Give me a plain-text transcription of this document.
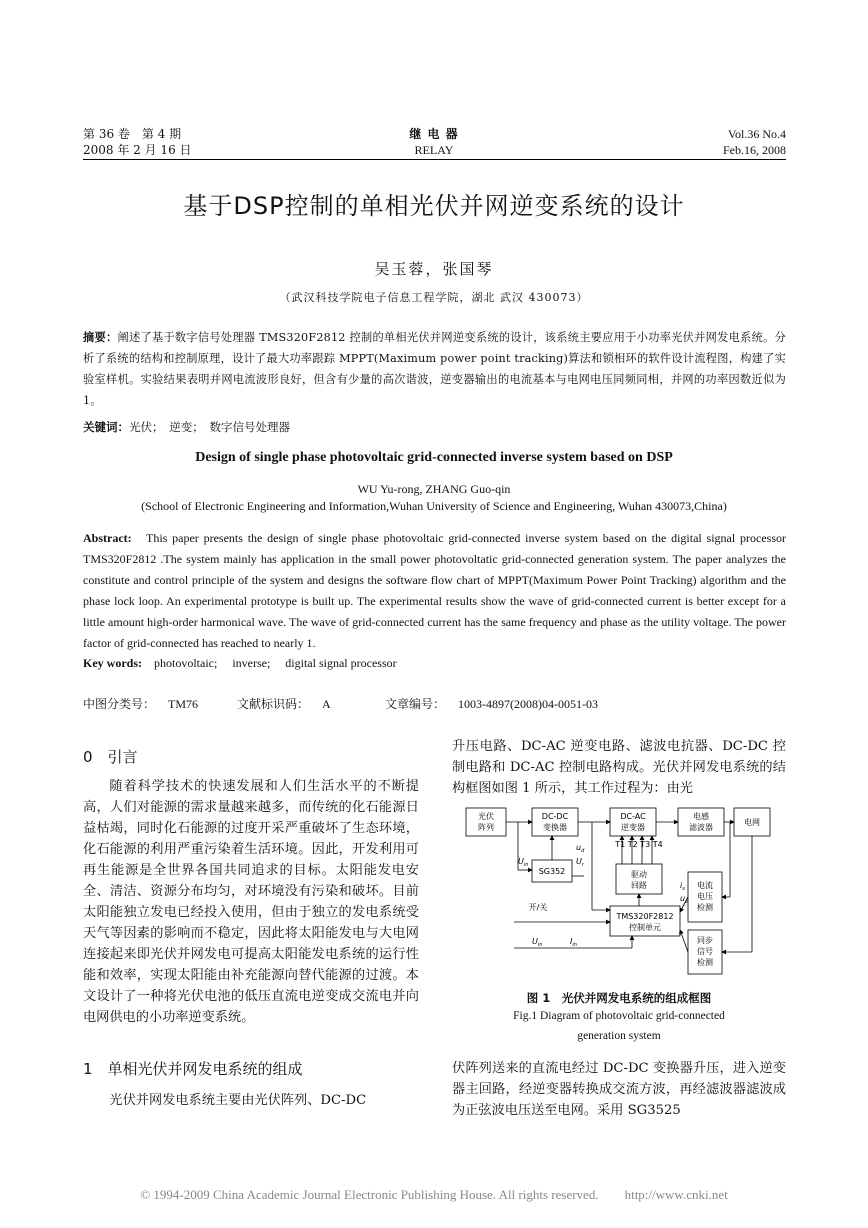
第 36 卷　第 4 期
2008 年 2 月 16 日
继 电 器
RELAY
Vol.36 No.4
Feb.16, 2008
基于DSP控制的单相光伏并网逆变系统的设计
吴玉蓉，张国琴
（武汉科技学院电子信息工程学院，湖北 武汉 430073）
摘要：阐述了基于数字信号处理器 TMS320F2812 控制的单相光伏并网逆变系统的设计，该系统主要应用于小功率光伏并网发电系统。分析了系统的结构和控制原理，设计了最大功率跟踪 MPPT(Maximum power point tracking)算法和锁相环的软件设计流程图，构建了实验室样机。实验结果表明并网电流波形良好，但含有少量的高次谐波，逆变器输出的电流基本与电网电压同频同相，并网的功率因数近似为 1。
关键词：光伏；　逆变；　数字信号处理器
Design of single phase photovoltaic grid-connected inverse system based on DSP
WU Yu-rong, ZHANG Guo-qin
(School of Electronic Engineering and Information,Wuhan University of Science and Engineering, Wuhan 430073,China)
Abstract: This paper presents the design of single phase photovoltaic grid-connected inverse system based on the digital signal processor TMS320F2812 .The system mainly has application in the small power photovoltatic grid-connected generation system. The paper analyzes the constitute and control principle of the system and designs the software flow chart of MPPT(Maximum Power Point Tracking) algorithm and the phase lock loop. An experimental prototype is built up. The experimental results show the wave of grid-connected current is better except for a little amount high-order harmonical wave. The wave of grid-connected current has the same frequency and phase as the utility voltage. The power factor of grid-connected has reached to nearly 1.
Key words: photovoltaic;　 inverse;　 digital signal processor
中图分类号： TM76	文献标识码： A	文章编号： 1003-4897(2008)04-0051-03
0　引言
随着科学技术的快速发展和人们生活水平的不断提高，人们对能源的需求量越来越多，而传统的化石能源日益枯竭，同时化石能源的过度开采严重破坏了生态环境，化石能源的利用严重污染着生活环境。因此，开发利用可再生能源是全世界各国共同追求的目标。太阳能发电安全、清洁、资源分布均匀，对环境没有污染和破坏。目前太阳能独立发电已经投入使用，但由于独立的发电系统受天气等因素的影响而不稳定，因此将太阳能发电与大电网连接起来即光伏并网发电可提高太阳能发电系统的运行性能和效率，实现太阳能由补充能源向替代能源的过渡。本文设计了一种将光伏电池的低压直流电逆变成交流电并向电网供电的小功率逆变系统。
1　单相光伏并网发电系统的组成
光伏并网发电系统主要由光伏阵列、DC-DC
升压电路、DC-AC 逆变电路、滤波电抗器、DC-DC 控制电路和 DC-AC 控制电路构成。光伏并网发电系统的结构框图如图 1 所示，其工作过程为：由光
光伏
阵列
DC-DC
变换器
DC-AC
逆变器
电感
滤波器
电网
SG352	驱动
回路	电流
电压
检测
TMS320F2812
控制单元
同步
信号
检测
T1 T2 T3 T4
开/关
$U_{in}$
$u_d$
$U_r$
$i_s$
$u_s$
$U_{in}$	$I_{in}$
图 1　光伏并网发电系统的组成框图
Fig.1 Diagram of photovoltaic grid-connected
generation system
伏阵列送来的直流电经过 DC-DC 变换器升压，进入逆变器主回路，经逆变器转换成交流方波，再经滤波器滤波成为正弦波电压送至电网。采用 SG3525
© 1994-2009 China Academic Journal Electronic Publishing House. All rights reserved.　　http://www.cnki.net
